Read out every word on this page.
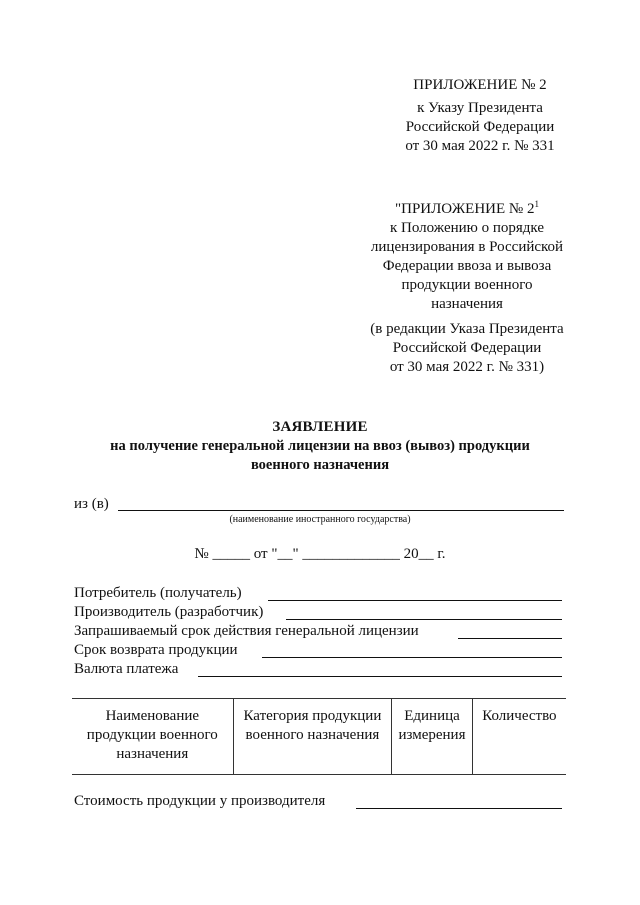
ПРИЛОЖЕНИЕ № 2
к Указу Президента
Российской Федерации
от 30 мая 2022 г. № 331
"ПРИЛОЖЕНИЕ № $2^1$
к Положению о порядке
лицензирования в Российской
Федерации ввоза и вывоза
продукции военного
назначения
(в редакции Указа Президента
Российской Федерации
от 30 мая 2022 г. № 331)
ЗАЯВЛЕНИЕ
на получение генеральной лицензии на ввоз (вывоз) продукции
военного назначения
из (в)
(наименование иностранного государства)
№ _____ от "__" _____________ 20__ г.
Потребитель (получатель)
Производитель (разработчик)
Запрашиваемый срок действия генеральной лицензии
Срок возврата продукции
Валюта платежа
Наименование продукции военного назначения	Категория продукции военного назначения	Единица измерения	Количество
Стоимость продукции у производителя
